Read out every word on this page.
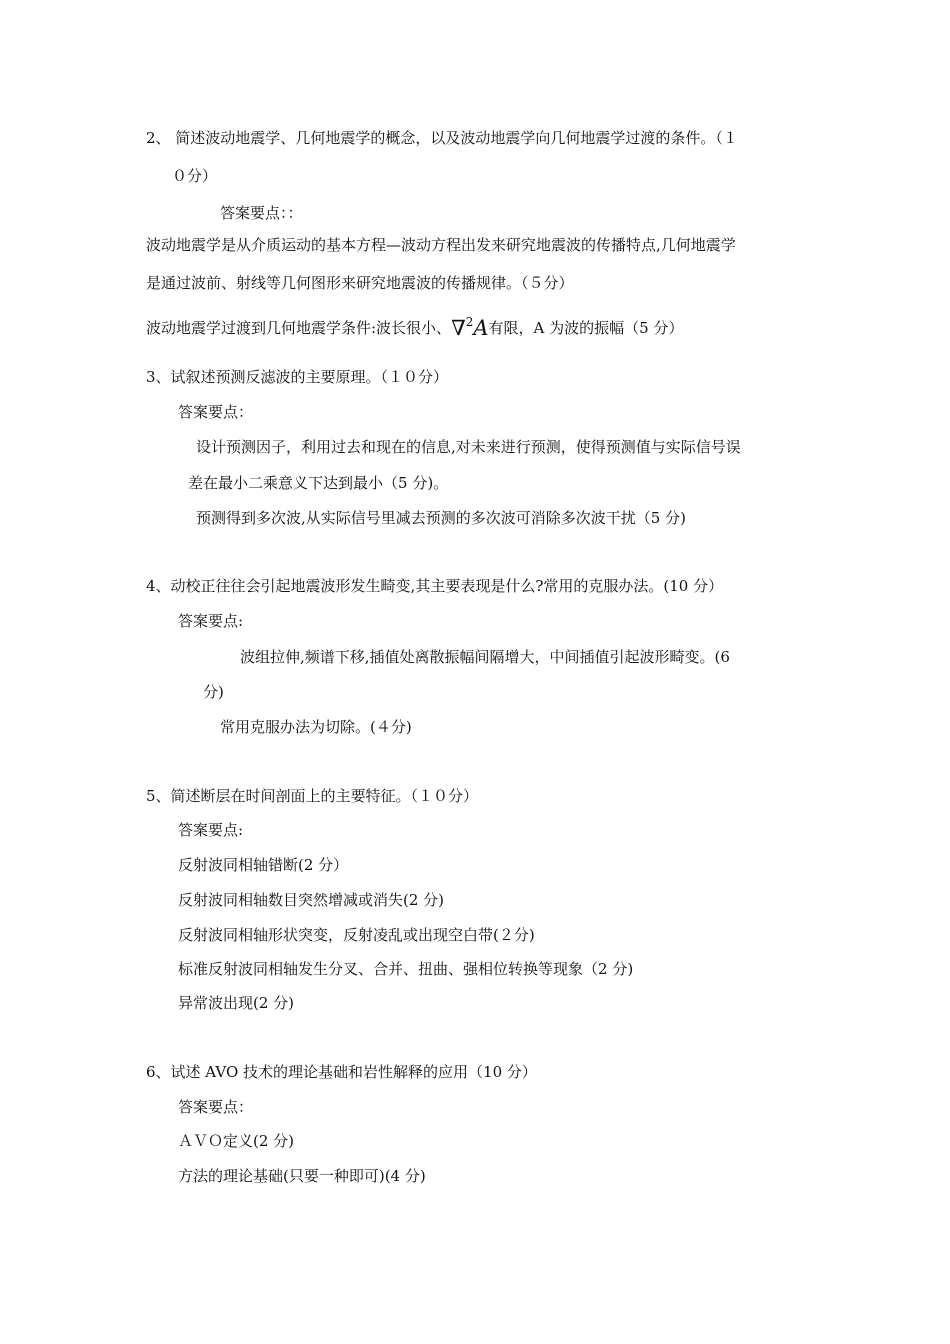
2、 简述波动地震学、几何地震学的概念，以及波动地震学向几何地震学过渡的条件。（１
０分）
答案要点：：
波动地震学是从介质运动的基本方程—波动方程出发来研究地震波的传播特点,几何地震学
是通过波前、射线等几何图形来研究地震波的传播规律。（５分）
波动地震学过渡到几何地震学条件:波长很小、∇$^2$A有限，A 为波的振幅（5 分）
3、试叙述预测反滤波的主要原理。（１０分）
答案要点：
设计预测因子，利用过去和现在的信息,对未来进行预测，使得预测值与实际信号误
差在最小二乘意义下达到最小（5 分)。
预测得到多次波,从实际信号里减去预测的多次波可消除多次波干扰（5 分)
4、动校正往往会引起地震波形发生畸变,其主要表现是什么?常用的克服办法。(10 分）
答案要点:
波组拉伸,频谱下移,插值处离散振幅间隔增大，中间插值引起波形畸变。(6
分)
常用克服办法为切除。(４分)
5、简述断层在时间剖面上的主要特征。（１０分）
答案要点:
反射波同相轴错断(2 分）
反射波同相轴数目突然增减或消失(2 分)
反射波同相轴形状突变，反射凌乱或出现空白带(２分)
标准反射波同相轴发生分叉、合并、扭曲、强相位转换等现象（2 分)
异常波出现(2 分)
6、试述 AVO 技术的理论基础和岩性解释的应用（10 分）
答案要点：
ＡＶＯ定义(2 分)
方法的理论基础(只要一种即可)(4 分)
